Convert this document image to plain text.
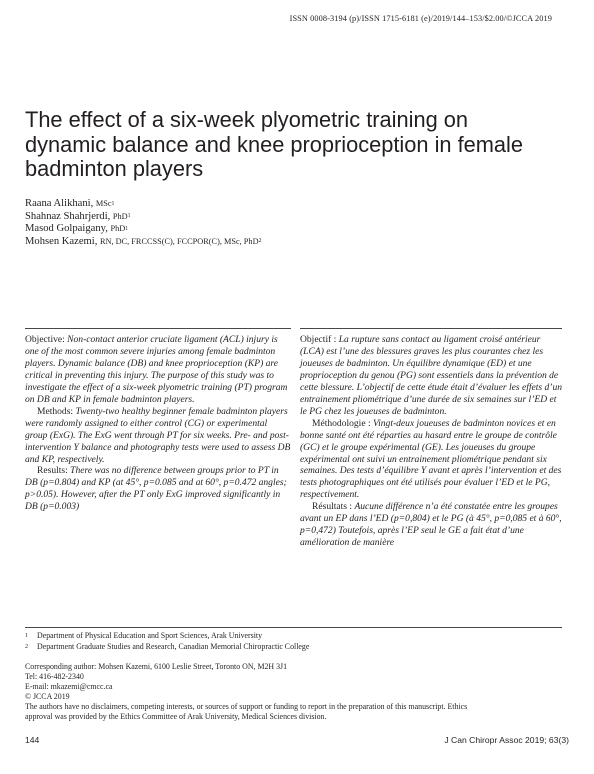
ISSN 0008-3194 (p)/ISSN 1715-6181 (e)/2019/144–153/$2.00/©JCCA 2019
The effect of a six-week plyometric training on dynamic balance and knee proprioception in female badminton players
Raana Alikhani, MSc$^1$
Shahnaz Shahrjerdi, PhD$^1$
Masod Golpaigany, PhD$^1$
Mohsen Kazemi, RN, DC, FRCCSS(C), FCCPOR(C), MSc, PhD$^2$

Objective: Non-contact anterior cruciate ligament (ACL) injury is one of the most common severe injuries among female badminton players. Dynamic balance (DB) and knee proprioception (KP) are critical in preventing this injury. The purpose of this study was to investigate the effect of a six-week plyometric training (PT) program on DB and KP in female badminton players.

Methods: Twenty-two healthy beginner female badminton players were randomly assigned to either control (CG) or experimental group (ExG). The ExG went through PT for six weeks. Pre- and post-intervention Y balance and photography tests were used to assess DB and KP, respectively.

Results: There was no difference between groups prior to PT in DB (p=0.804) and KP (at 45°, p=0.085 and at 60°, p=0.472 angles; p>0.05). However, after the PT only ExG improved significantly in DB (p=0.003)

Objectif : La rupture sans contact au ligament croisé antérieur (LCA) est l’une des blessures graves les plus courantes chez les joueuses de badminton. Un équilibre dynamique (ED) et une proprioception du genou (PG) sont essentiels dans la prévention de cette blessure. L’objectif de cette étude était d’évaluer les effets d’un entrainement pliométrique d’une durée de six semaines sur l’ED et le PG chez les joueuses de badminton.

Méthodologie : Vingt-deux joueuses de badminton novices et en bonne santé ont été réparties au hasard entre le groupe de contrôle (GC) et le groupe expérimental (GE). Les joueuses du groupe expérimental ont suivi un entrainement pliométrique pendant six semaines. Des tests d’équilibre Y avant et après l’intervention et des tests photographiques ont été utilisés pour évaluer l’ED et le PG, respectivement.

Résultats : Aucune différence n’a été constatée entre les groupes avant un EP dans l’ED (p=0,804) et le PG (à 45°, p=0,085 et à 60°, p=0,472) Toutefois, après l’EP seul le GE a fait état d’une amélioration de manière

1 Department of Physical Education and Sport Sciences, Arak University
2 Department Graduate Studies and Research, Canadian Memorial Chiropractic College
Corresponding author: Mohsen Kazemi, 6100 Leslie Street, Toronto ON, M2H 3J1
Tel: 416-482-2340
E-mail: mkazemi@cmcc.ca
© JCCA 2019
The authors have no disclaimers, competing interests, or sources of support or funding to report in the preparation of this manuscript. Ethics
approval was provided by the Ethics Committee of Arak University, Medical Sciences division.
144	J Can Chiropr Assoc 2019; 63(3)
